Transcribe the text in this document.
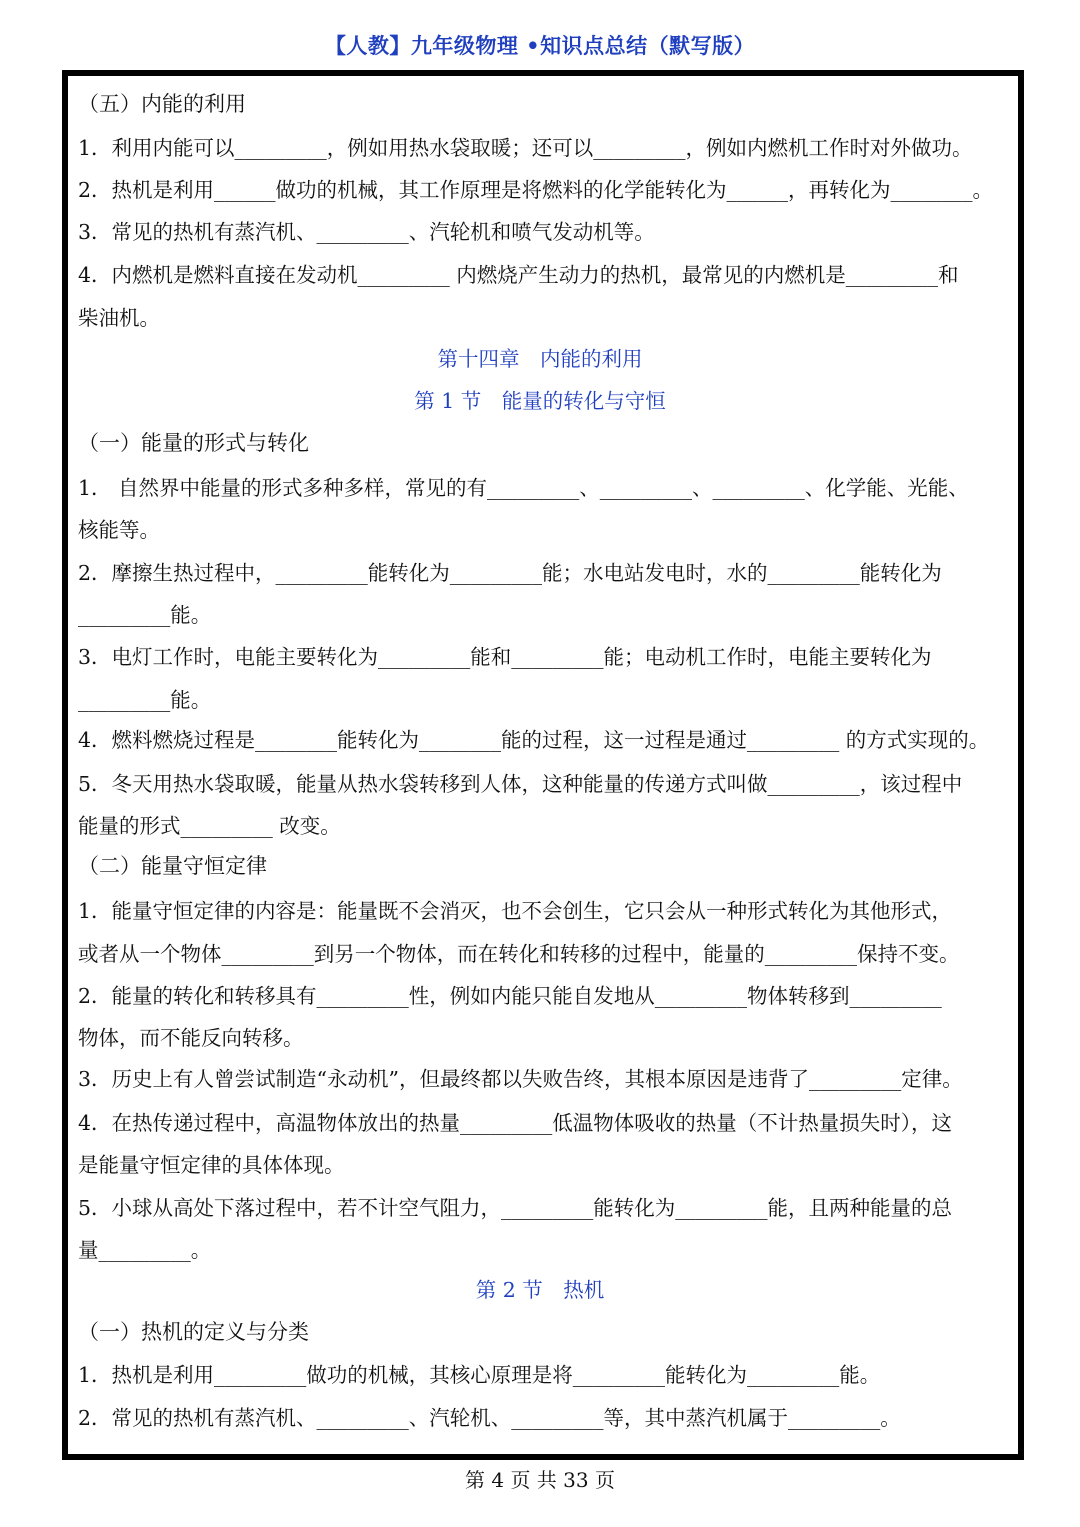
【人教】九年级物理 •知识点总结（默写版）
（五）内能的利用
1．利用内能可以_________，例如用热水袋取暖；还可以_________，例如内燃机工作时对外做功。
2．热机是利用______做功的机械，其工作原理是将燃料的化学能转化为______，再转化为________。
3．常见的热机有蒸汽机、_________、汽轮机和喷气发动机等。
4．内燃机是燃料直接在发动机_________ 内燃烧产生动力的热机，最常见的内燃机是_________和
柴油机。
第十四章　内能的利用
第 1 节　能量的转化与守恒
（一）能量的形式与转化
1． 自然界中能量的形式多种多样，常见的有_________、_________、_________、化学能、光能、
核能等。
2．摩擦生热过程中，_________能转化为_________能；水电站发电时，水的_________能转化为
_________能。
3．电灯工作时，电能主要转化为_________能和_________能；电动机工作时，电能主要转化为
_________能。
4．燃料燃烧过程是________能转化为________能的过程，这一过程是通过_________ 的方式实现的。
5．冬天用热水袋取暖，能量从热水袋转移到人体，这种能量的传递方式叫做_________，该过程中
能量的形式_________ 改变。
（二）能量守恒定律
1．能量守恒定律的内容是：能量既不会消灭，也不会创生，它只会从一种形式转化为其他形式，
或者从一个物体_________到另一个物体，而在转化和转移的过程中，能量的_________保持不变。
2．能量的转化和转移具有_________性，例如内能只能自发地从_________物体转移到_________
物体，而不能反向转移。
3．历史上有人曾尝试制造“永动机”，但最终都以失败告终，其根本原因是违背了_________定律。
4．在热传递过程中，高温物体放出的热量_________低温物体吸收的热量（不计热量损失时），这
是能量守恒定律的具体体现。
5．小球从高处下落过程中，若不计空气阻力，_________能转化为_________能，且两种能量的总
量_________。
第 2 节　热机
（一）热机的定义与分类
1．热机是利用_________做功的机械，其核心原理是将_________能转化为_________能。
2．常见的热机有蒸汽机、_________、汽轮机、_________等，其中蒸汽机属于_________。
第 4 页 共 33 页
